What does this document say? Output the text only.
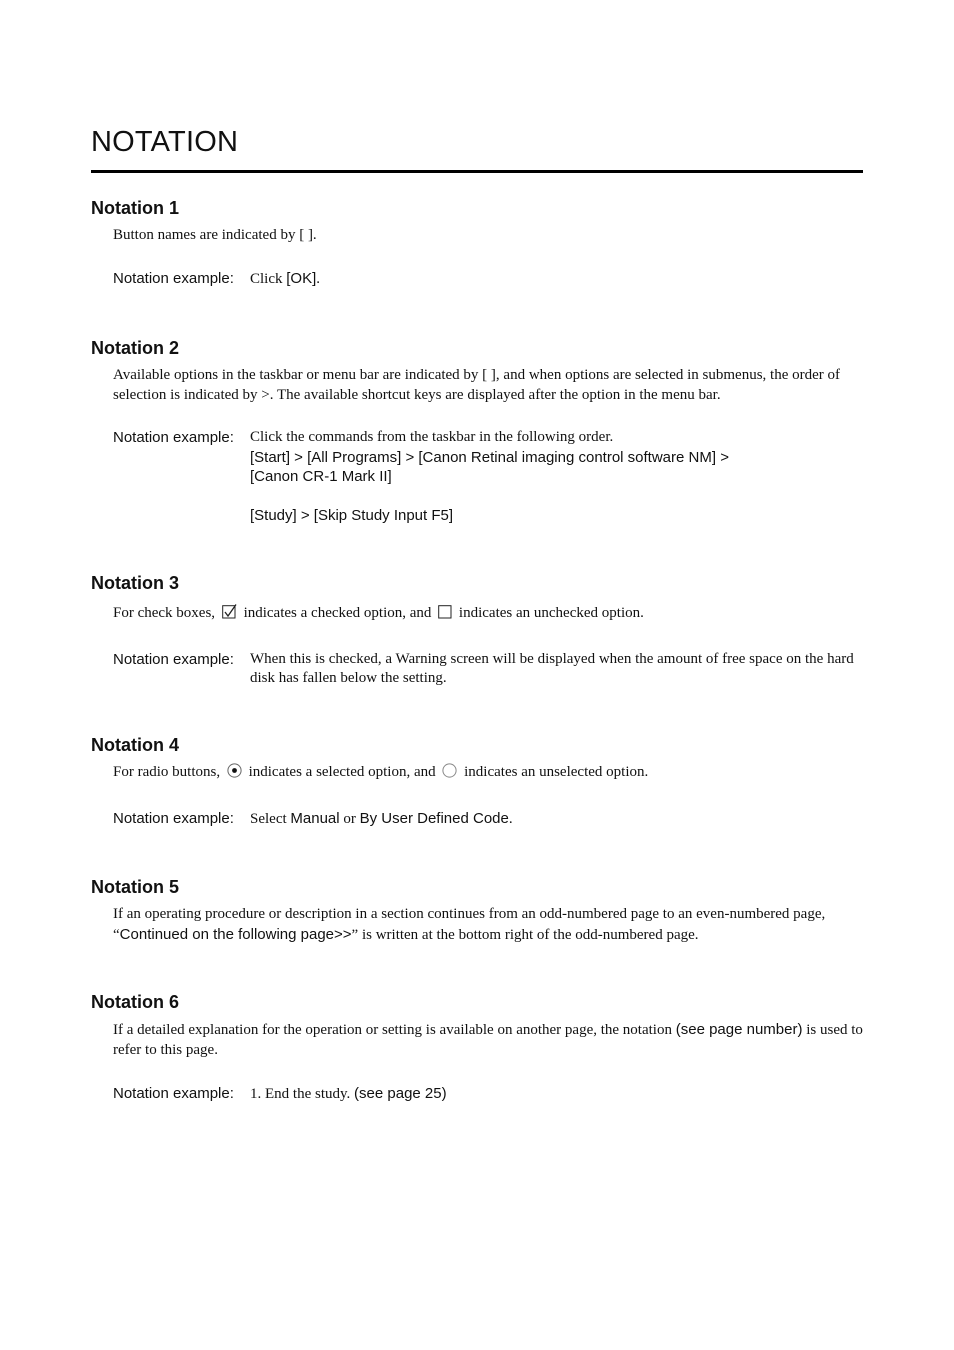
NOTATION
Notation 1
Button names are indicated by [ ].
Notation example:	Click [OK].
Notation 2
Available options in the taskbar or menu bar are indicated by [ ], and when options are selected in submenus, the order of selection is indicated by >. The available shortcut keys are displayed after the option in the menu bar.
Notation example:	Click the commands from the taskbar in the following order.
[Start] > [All Programs] > [Canon Retinal imaging control software NM] >
[Canon CR-1 Mark II]
[Study] > [Skip Study Input F5]
Notation 3
For check boxes, indicates a checked option, and indicates an unchecked option.
Notation example:	When this is checked, a Warning screen will be displayed when the amount of free space on the hard disk has fallen below the setting.
Notation 4
For radio buttons, indicates a selected option, and indicates an unselected option.
Notation example:	Select Manual or By User Defined Code.
Notation 5
If an operating procedure or description in a section continues from an odd-numbered page to an even-numbered page, “Continued on the following page>>” is written at the bottom right of the odd-numbered page.
Notation 6
If a detailed explanation for the operation or setting is available on another page, the notation (see page number) is used to refer to this page.
Notation example:	1. End the study. (see page 25)
